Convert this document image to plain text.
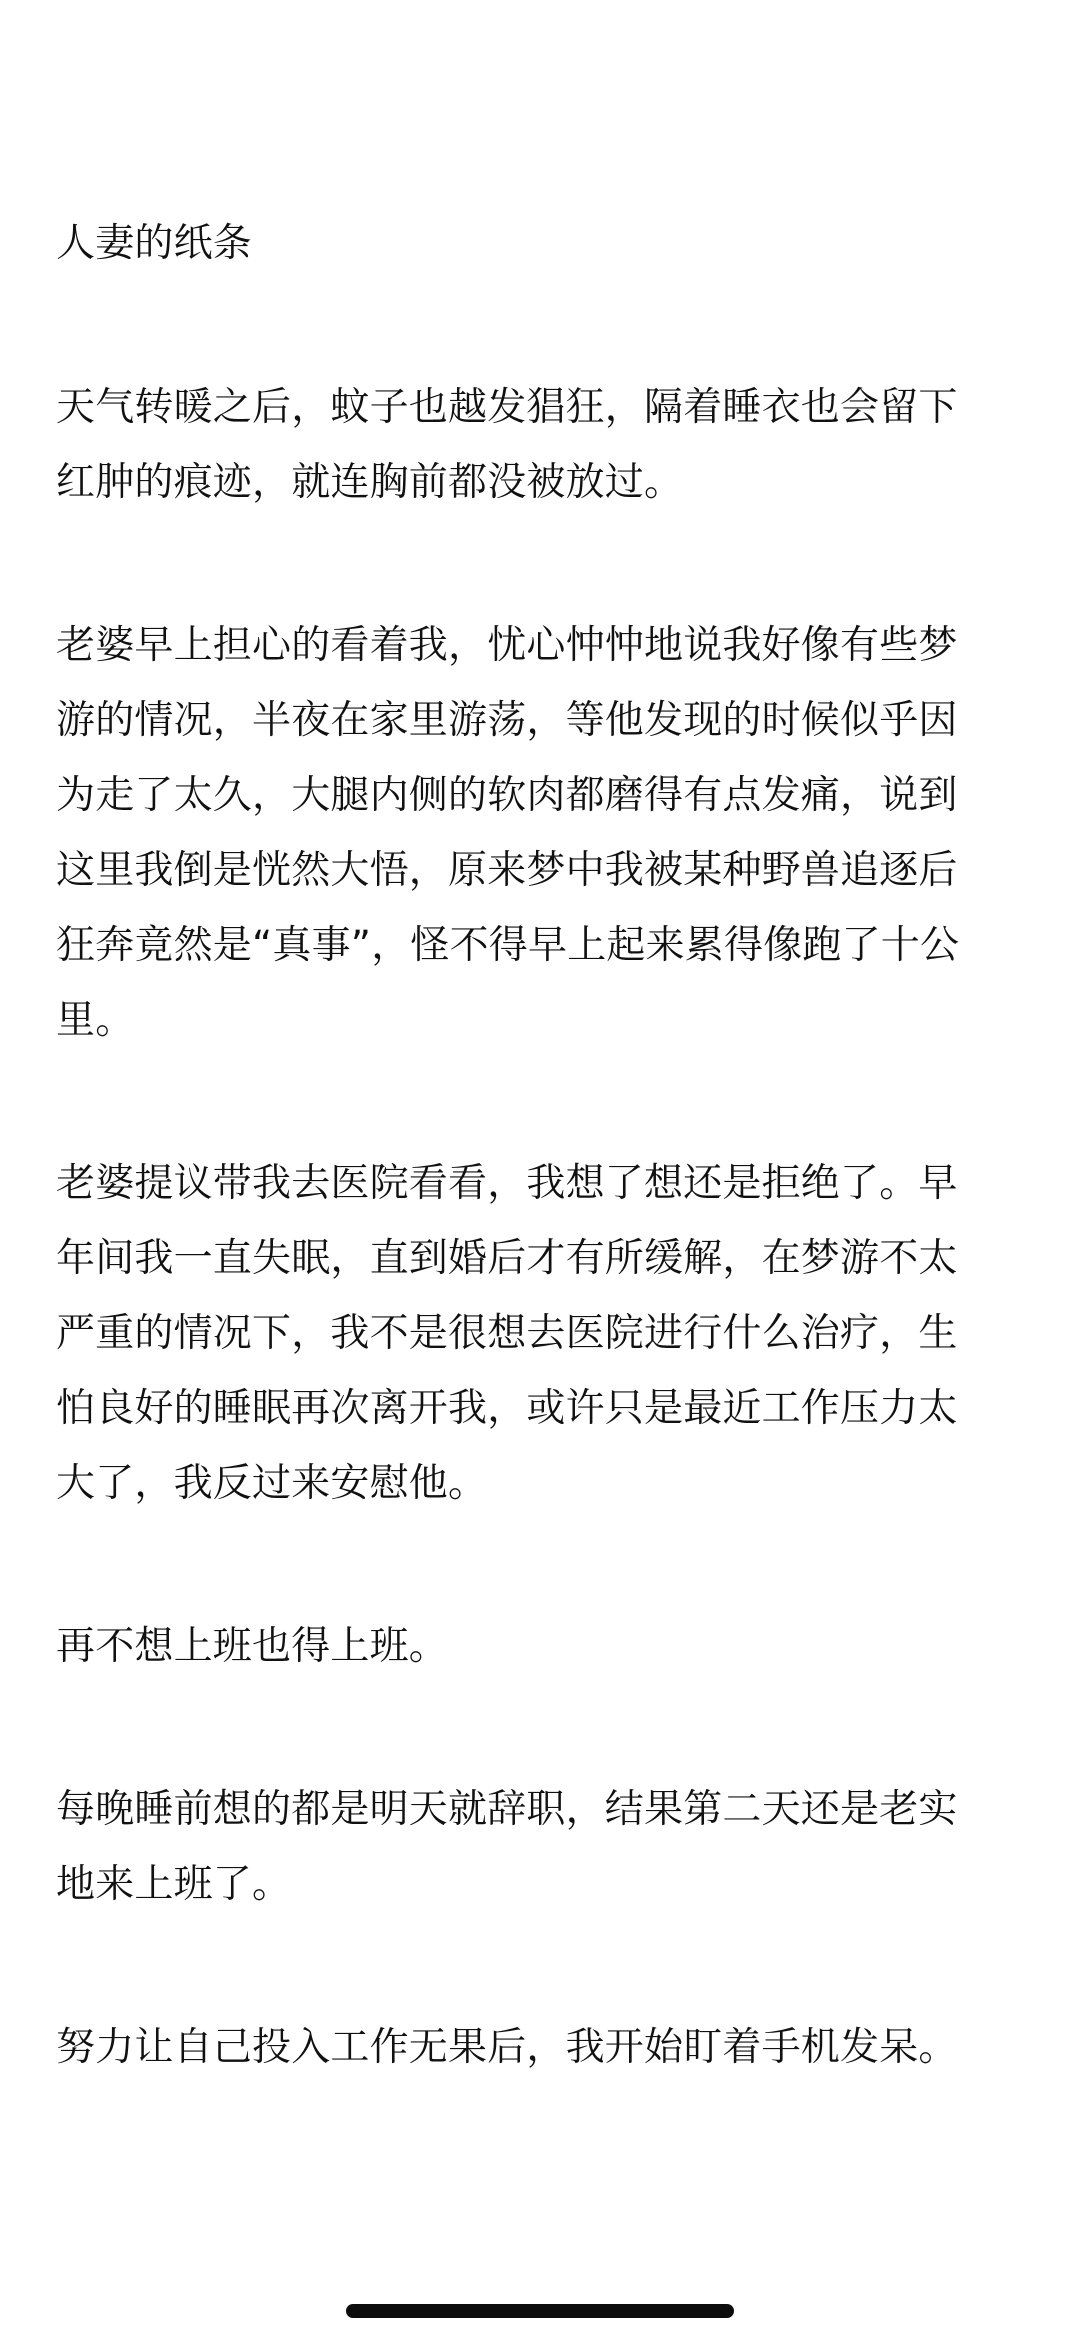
人妻的纸条
天气转暖之后，蚊子也越发猖狂，隔着睡衣也会留下
红肿的痕迹，就连胸前都没被放过。
老婆早上担心的看着我，忧心忡忡地说我好像有些梦
游的情况，半夜在家里游荡，等他发现的时候似乎因
为走了太久，大腿内侧的软肉都磨得有点发痛，说到
这里我倒是恍然大悟，原来梦中我被某种野兽追逐后
狂奔竟然是“真事”，怪不得早上起来累得像跑了十公
里。
老婆提议带我去医院看看，我想了想还是拒绝了。早
年间我一直失眠，直到婚后才有所缓解，在梦游不太
严重的情况下，我不是很想去医院进行什么治疗，生
怕良好的睡眠再次离开我，或许只是最近工作压力太
大了，我反过来安慰他。
再不想上班也得上班。
每晚睡前想的都是明天就辞职，结果第二天还是老实
地来上班了。
努力让自己投入工作无果后，我开始盯着手机发呆。
